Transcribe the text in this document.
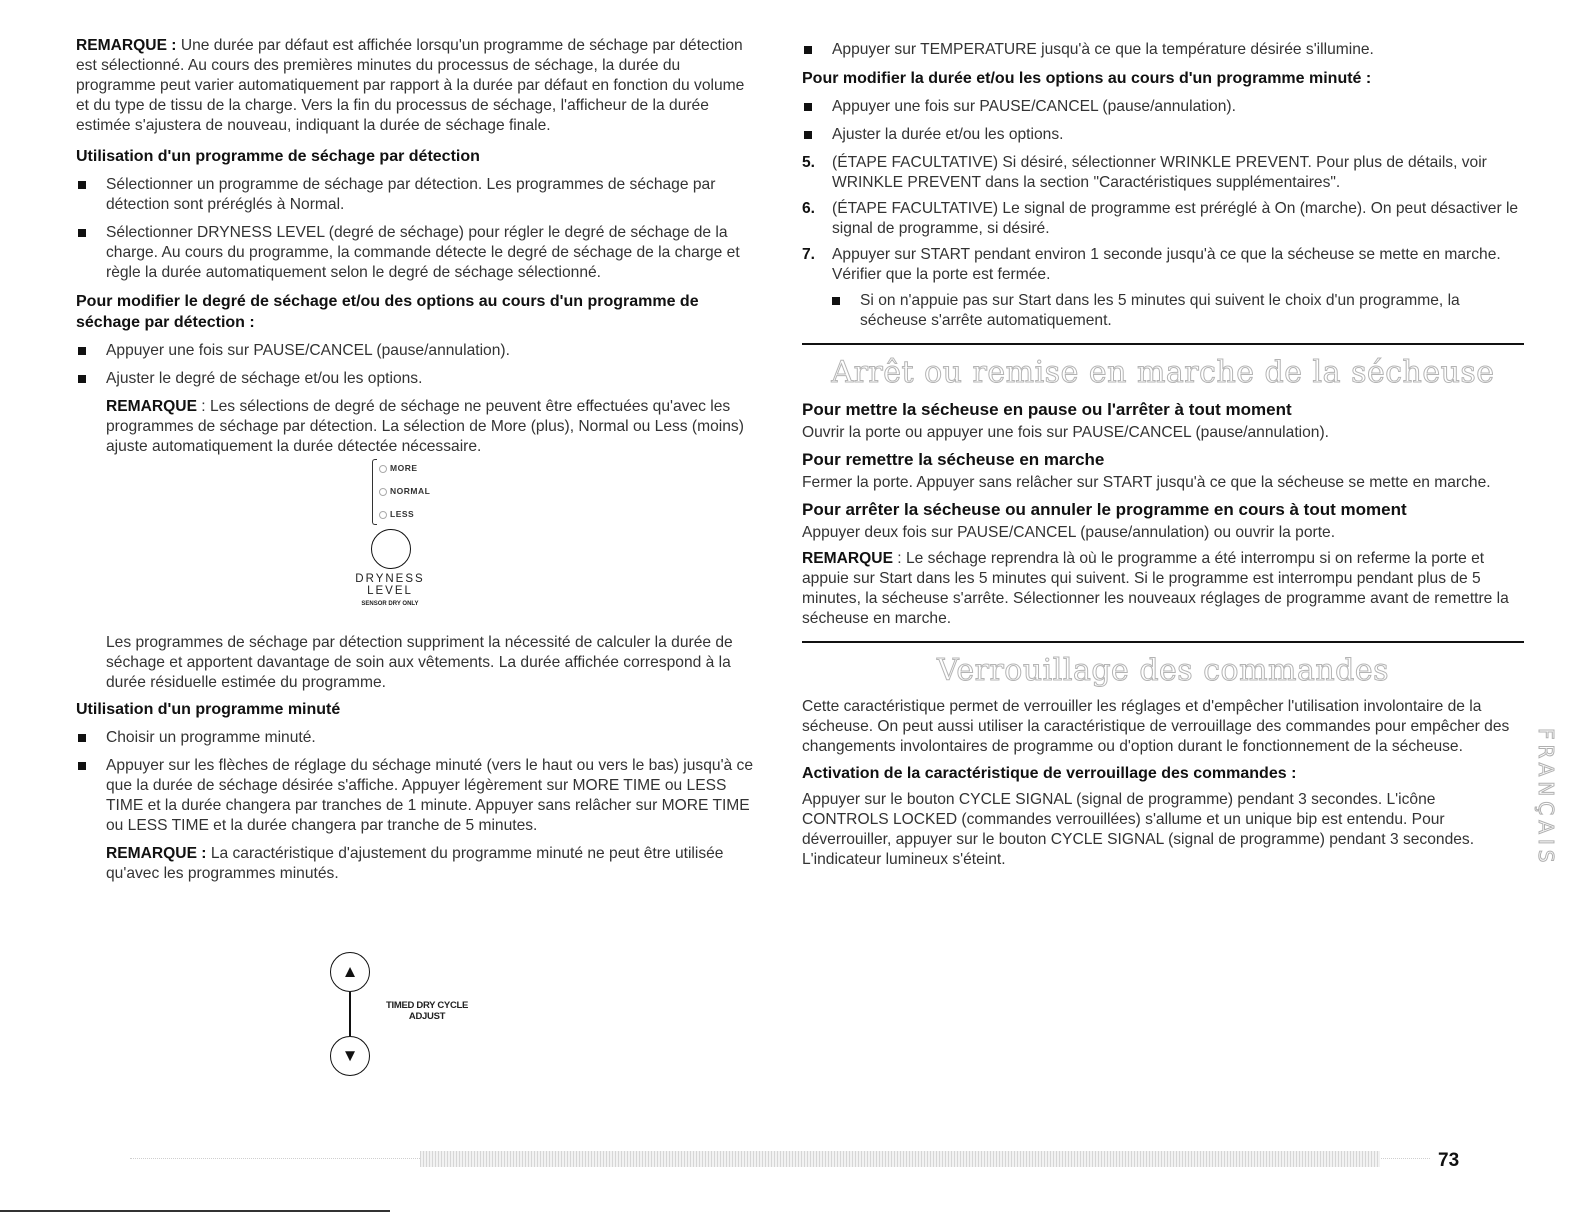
REMARQUE : Une durée par défaut est affichée lorsqu'un programme de séchage par détection est sélectionné. Au cours des premières minutes du processus de séchage, la durée du programme peut varier automatiquement par rapport à la durée par défaut en fonction du volume et du type de tissu de la charge. Vers la fin du processus de séchage, l'afficheur de la durée estimée s'ajustera de nouveau, indiquant la durée de séchage finale.

Utilisation d'un programme de séchage par détection

Sélectionner un programme de séchage par détection. Les programmes de séchage par détection sont préréglés à Normal.

Sélectionner DRYNESS LEVEL (degré de séchage) pour régler le degré de séchage de la charge. Au cours du programme, la commande détecte le degré de séchage de la charge et règle la durée automatiquement selon le degré de séchage sélectionné.

Pour modifier le degré de séchage et/ou des options au cours d'un programme de séchage par détection :

Appuyer une fois sur PAUSE/CANCEL (pause/annulation).

Ajuster le degré de séchage et/ou les options.

REMARQUE : Les sélections de degré de séchage ne peuvent être effectuées qu'avec les programmes de séchage par détection. La sélection de More (plus), Normal ou Less (moins) ajuste automatiquement la durée détectée nécessaire.

MORE
NORMAL
LESS
DRYNESS
LEVEL
SENSOR DRY ONLY

Les programmes de séchage par détection suppriment la nécessité de calculer la durée de séchage et apportent davantage de soin aux vêtements. La durée affichée correspond à la durée résiduelle estimée du programme.

Utilisation d'un programme minuté

Choisir un programme minuté.

Appuyer sur les flèches de réglage du séchage minuté (vers le haut ou vers le bas) jusqu'à ce que la durée de séchage désirée s'affiche. Appuyer légèrement sur MORE TIME ou LESS TIME et la durée changera par tranches de 1 minute. Appuyer sans relâcher sur MORE TIME ou LESS TIME et la durée changera par tranche de 5 minutes.

REMARQUE : La caractéristique d'ajustement du programme minuté ne peut être utilisée qu'avec les programmes minutés.

▲
▼
TIMED DRY CYCLE
ADJUST

Appuyer sur TEMPERATURE jusqu'à ce que la température désirée s'illumine.

Pour modifier la durée et/ou les options au cours d'un programme minuté :

Appuyer une fois sur PAUSE/CANCEL (pause/annulation).

Ajuster la durée et/ou les options.

5. (ÉTAPE FACULTATIVE) Si désiré, sélectionner WRINKLE PREVENT. Pour plus de détails, voir WRINKLE PREVENT dans la section "Caractéristiques supplémentaires".

6. (ÉTAPE FACULTATIVE) Le signal de programme est préréglé à On (marche). On peut désactiver le signal de programme, si désiré.

7. Appuyer sur START pendant environ 1 seconde jusqu'à ce que la sécheuse se mette en marche. Vérifier que la porte est fermée.

Si on n'appuie pas sur Start dans les 5 minutes qui suivent le choix d'un programme, la sécheuse s'arrête automatiquement.

Arrêt ou remise en marche de la sécheuse

Pour mettre la sécheuse en pause ou l'arrêter à tout moment

Ouvrir la porte ou appuyer une fois sur PAUSE/CANCEL (pause/annulation).

Pour remettre la sécheuse en marche

Fermer la porte. Appuyer sans relâcher sur START jusqu'à ce que la sécheuse se mette en marche.

Pour arrêter la sécheuse ou annuler le programme en cours à tout moment

Appuyer deux fois sur PAUSE/CANCEL (pause/annulation) ou ouvrir la porte.

REMARQUE : Le séchage reprendra là où le programme a été interrompu si on referme la porte et appuie sur Start dans les 5 minutes qui suivent. Si le programme est interrompu pendant plus de 5 minutes, la sécheuse s'arrête. Sélectionner les nouveaux réglages de programme avant de remettre la sécheuse en marche.

Verrouillage des commandes

Cette caractéristique permet de verrouiller les réglages et d'empêcher l'utilisation involontaire de la sécheuse. On peut aussi utiliser la caractéristique de verrouillage des commandes pour empêcher des changements involontaires de programme ou d'option durant le fonctionnement de la sécheuse.

Activation de la caractéristique de verrouillage des commandes :

Appuyer sur le bouton CYCLE SIGNAL (signal de programme) pendant 3 secondes. L'icône CONTROLS LOCKED (commandes verrouillées) s'allume et un unique bip est entendu. Pour déverrouiller, appuyer sur le bouton CYCLE SIGNAL (signal de programme) pendant 3 secondes. L'indicateur lumineux s'éteint.	FRANÇAIS
73
